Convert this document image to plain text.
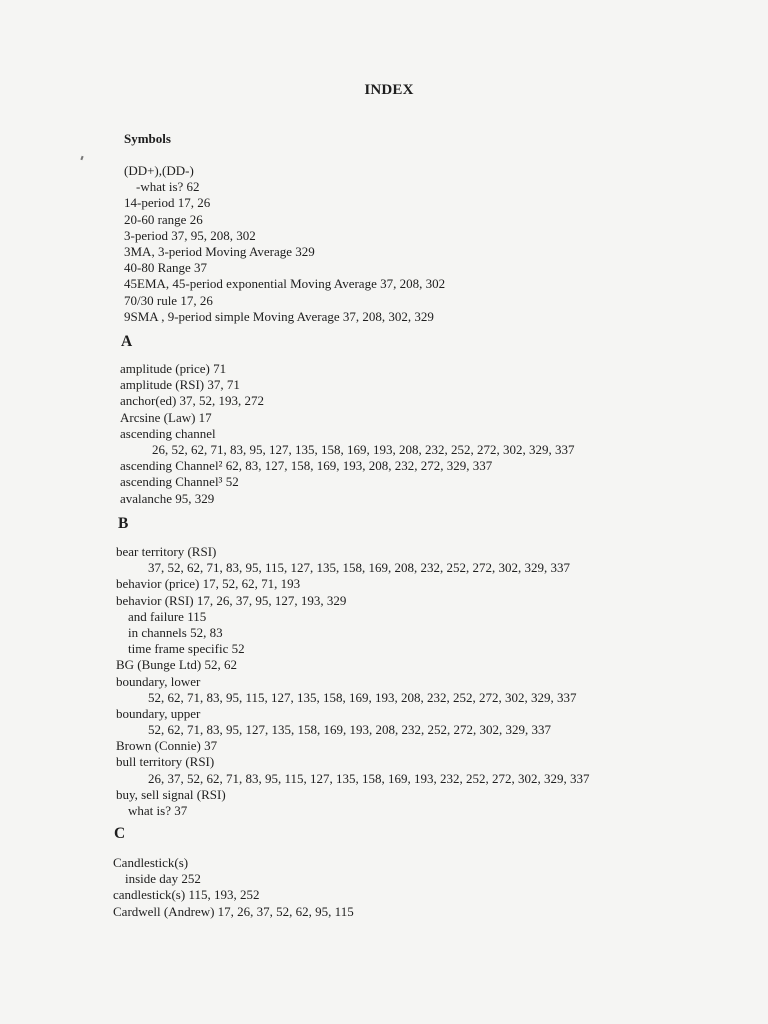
INDEX
Symbols
(DD+),(DD-)
-what is? 62
14-period 17, 26
20-60 range 26
3-period 37, 95, 208, 302
3MA, 3-period Moving Average 329
40-80 Range 37
45EMA, 45-period exponential Moving Average 37, 208, 302
70/30 rule 17, 26
9SMA , 9-period simple Moving Average 37, 208, 302, 329
A
amplitude (price) 71
amplitude (RSI) 37, 71
anchor(ed) 37, 52, 193, 272
Arcsine (Law) 17
ascending channel
26, 52, 62, 71, 83, 95, 127, 135, 158, 169, 193, 208, 232, 252, 272, 302, 329, 337
ascending Channel² 62, 83, 127, 158, 169, 193, 208, 232, 272, 329, 337
ascending Channel³ 52
avalanche 95, 329
B
bear territory (RSI)
37, 52, 62, 71, 83, 95, 115, 127, 135, 158, 169, 208, 232, 252, 272, 302, 329, 337
behavior (price) 17, 52, 62, 71, 193
behavior (RSI) 17, 26, 37, 95, 127, 193, 329
and failure 115
in channels 52, 83
time frame specific 52
BG (Bunge Ltd) 52, 62
boundary, lower
52, 62, 71, 83, 95, 115, 127, 135, 158, 169, 193, 208, 232, 252, 272, 302, 329, 337
boundary, upper
52, 62, 71, 83, 95, 127, 135, 158, 169, 193, 208, 232, 252, 272, 302, 329, 337
Brown (Connie) 37
bull territory (RSI)
26, 37, 52, 62, 71, 83, 95, 115, 127, 135, 158, 169, 193, 232, 252, 272, 302, 329, 337
buy, sell signal (RSI)
what is? 37
C
Candlestick(s)
inside day 252
candlestick(s) 115, 193, 252
Cardwell (Andrew) 17, 26, 37, 52, 62, 95, 115
